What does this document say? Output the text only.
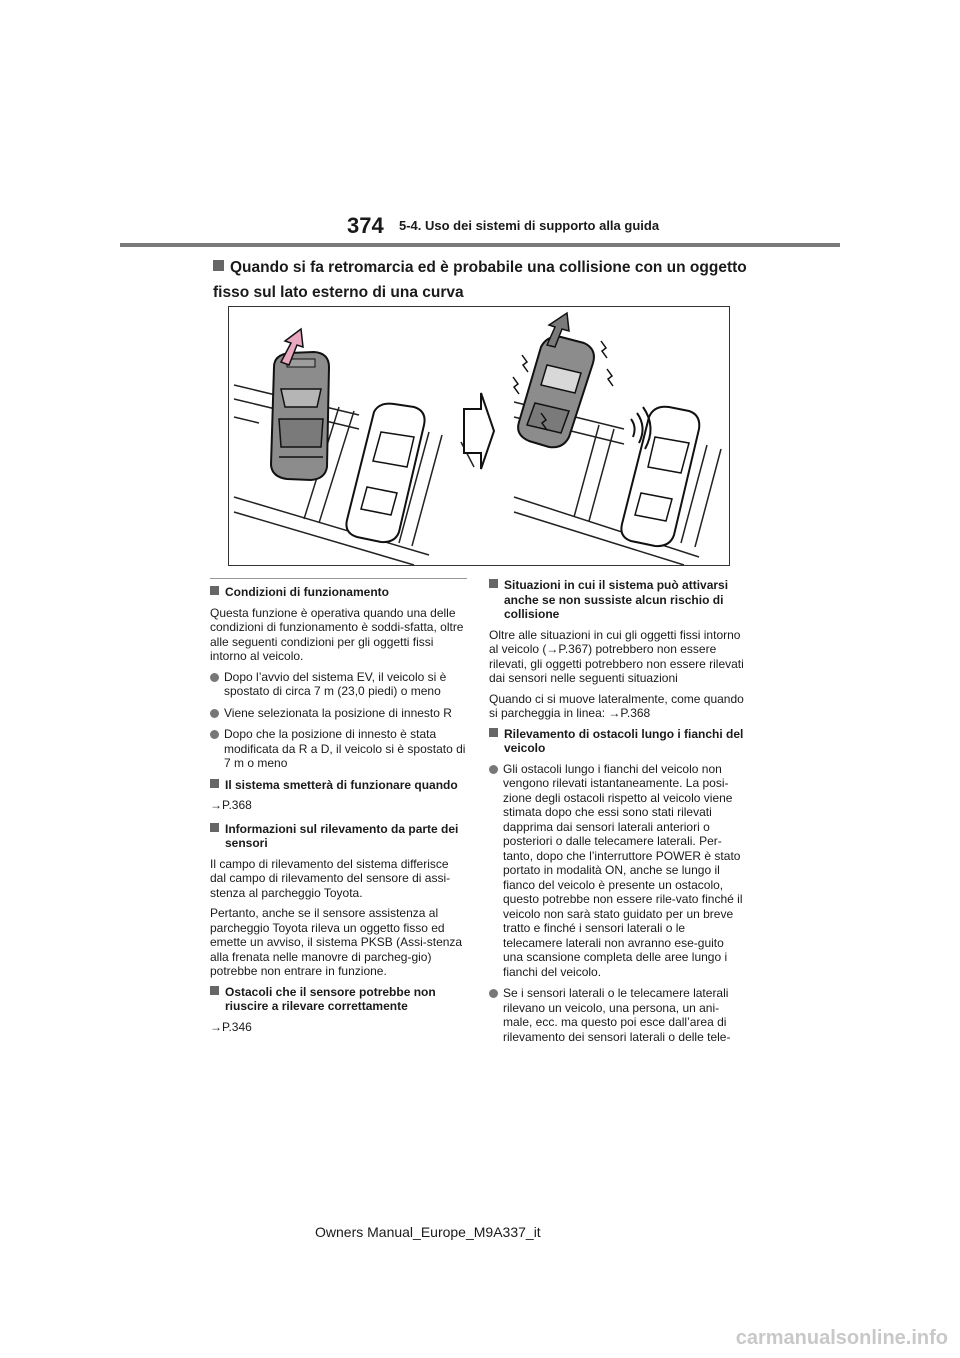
374 5-4. Uso dei sistemi di supporto alla guida
Quando si fa retromarcia ed è probabile una collisione con un oggetto fisso sul lato esterno di una curva
Condizioni di funzionamento
Questa funzione è operativa quando una delle condizioni di funzionamento è soddi-sfatta, oltre alle seguenti condizioni per gli oggetti fissi intorno al veicolo.
Dopo l’avvio del sistema EV, il veicolo si è spostato di circa 7 m (23,0 piedi) o meno
Viene selezionata la posizione di innesto R
Dopo che la posizione di innesto è stata modificata da R a D, il veicolo si è spostato di 7 m o meno
Il sistema smetterà di funzionare quando
→P.368
Informazioni sul rilevamento da parte dei sensori
Il campo di rilevamento del sistema differisce dal campo di rilevamento del sensore di assi-stenza al parcheggio Toyota.
Pertanto, anche se il sensore assistenza al parcheggio Toyota rileva un oggetto fisso ed emette un avviso, il sistema PKSB (Assi-stenza alla frenata nelle manovre di parcheg-gio) potrebbe non entrare in funzione.
Ostacoli che il sensore potrebbe non riuscire a rilevare correttamente
→P.346
Situazioni in cui il sistema può attivarsi anche se non sussiste alcun rischio di collisione
Oltre alle situazioni in cui gli oggetti fissi intorno al veicolo (→P.367) potrebbero non essere rilevati, gli oggetti potrebbero non essere rilevati dai sensori nelle seguenti situazioni
Quando ci si muove lateralmente, come quando si parcheggia in linea: →P.368
Rilevamento di ostacoli lungo i fianchi del veicolo
Gli ostacoli lungo i fianchi del veicolo non vengono rilevati istantaneamente. La posi-zione degli ostacoli rispetto al veicolo viene stimata dopo che essi sono stati rilevati dapprima dai sensori laterali anteriori o posteriori o dalle telecamere laterali. Per-tanto, dopo che l’interruttore POWER è stato portato in modalità ON, anche se lungo il fianco del veicolo è presente un ostacolo, questo potrebbe non essere rile-vato finché il veicolo non sarà stato guidato per un breve tratto e finché i sensori laterali o le telecamere laterali non avranno ese-guito una scansione completa delle aree lungo i fianchi del veicolo.
Se i sensori laterali o le telecamere laterali rilevano un veicolo, una persona, un ani-male, ecc. ma questo poi esce dall’area di rilevamento dei sensori laterali o delle tele-
Owners Manual_Europe_M9A337_it
carmanualsonline.info
